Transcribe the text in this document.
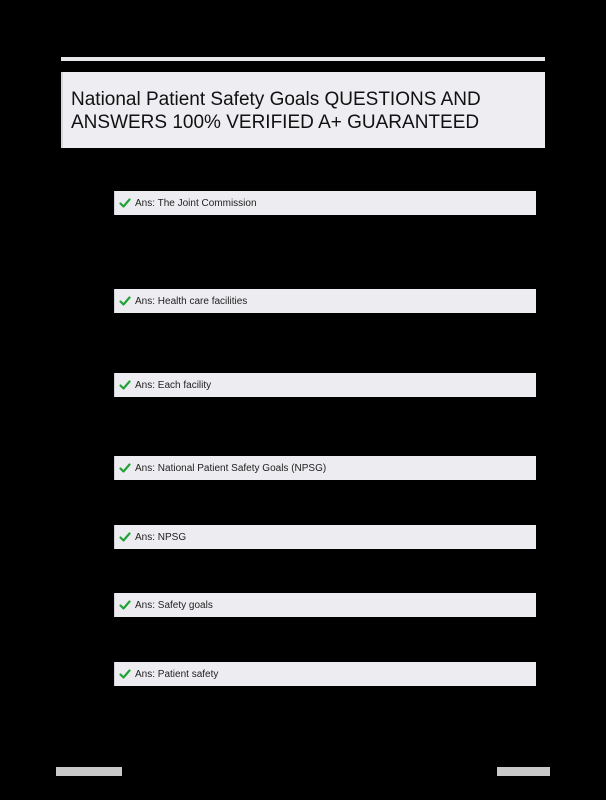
National Patient Safety Goals QUESTIONS AND ANSWERS 100% VERIFIED A+ GUARANTEED
Ans: The Joint Commission
Ans: Health care facilities
Ans: Each facility
Ans: National Patient Safety Goals (NPSG)
Ans: NPSG
Ans: Safety goals
Ans: Patient safety
